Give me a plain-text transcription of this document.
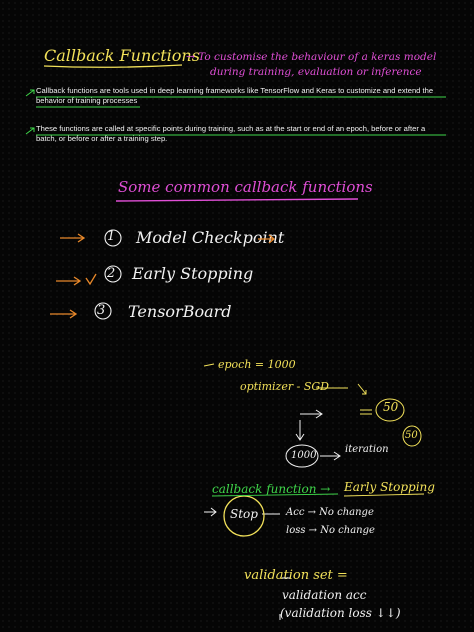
Callback Functions
→ To customise the behaviour of a keras model
during training, evaluation or inference
Callback functions are tools used in deep learning frameworks like TensorFlow and Keras to customize and extend the behavior of training processes
These functions are called at specific points during training, such as at the start or end of an epoch, before or after a batch, or before or after a training step.
Some common callback functions
1 Model Checkpoint
2 Early Stopping
3 TensorBoard
epoch = 1000
optimizer - SGD
50
50
iteration
1000
callback function → Early Stopping
Stop	Acc → No change
loss → No change
validation set =
validation acc
(validation loss ↓↓)
